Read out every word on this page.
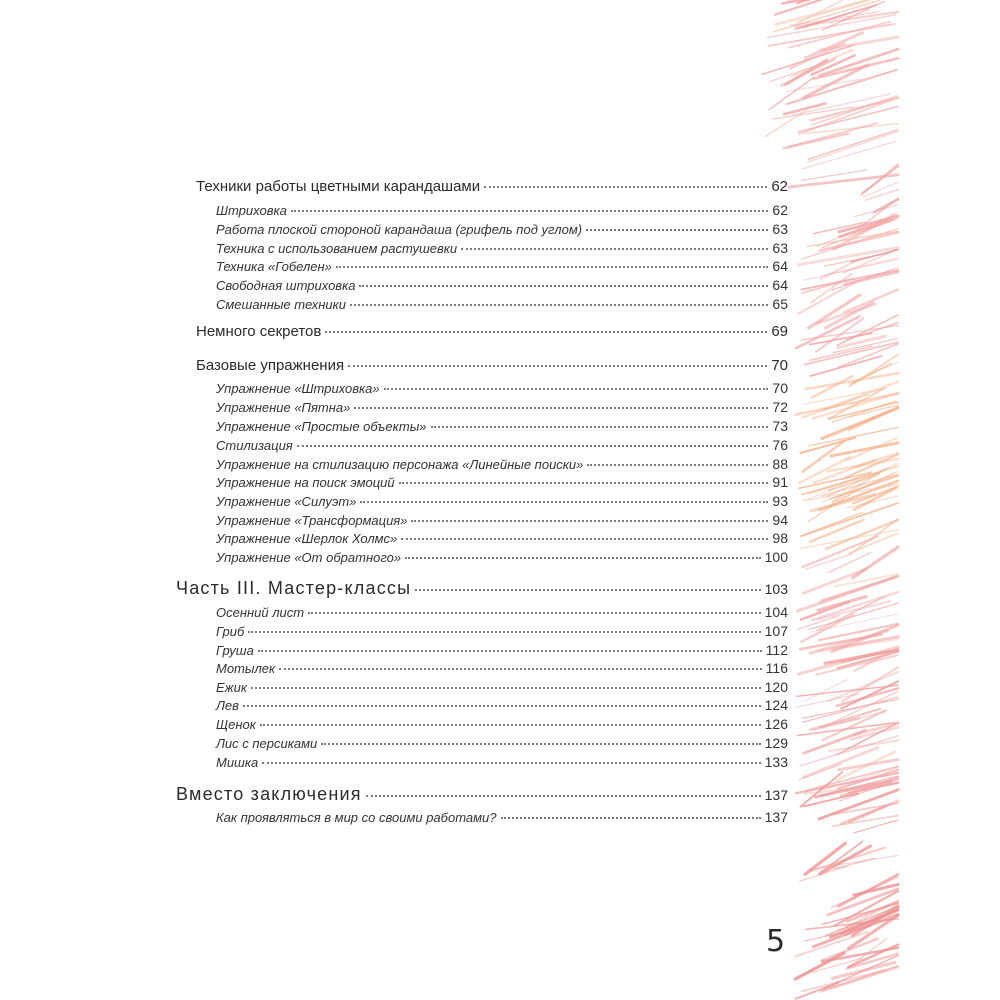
Техники работы цветными карандашами	62
Штриховка	62
Работа плоской стороной карандаша (грифель под углом)	63
Техника с использованием растушевки	63
Техника «Гобелен»	64
Свободная штриховка	64
Смешанные техники	65
Немного секретов	69
Базовые упражнения	70
Упражнение «Штриховка»	70
Упражнение «Пятна»	72
Упражнение «Простые объекты»	73
Стилизация	76
Упражнение на стилизацию персонажа «Линейные поиски»	88
Упражнение на поиск эмоций	91
Упражнение «Силуэт»	93
Упражнение «Трансформация»	94
Упражнение «Шерлок Холмс»	98
Упражнение «От обратного»	100
Часть III. Мастер-классы	103
Осенний лист	104
Гриб	107
Груша	112
Мотылек	116
Ежик	120
Лев	124
Щенок	126
Лис с персиками	129
Мишка	133
Вместо заключения	137
Как проявляться в мир со своими работами?	137
5
